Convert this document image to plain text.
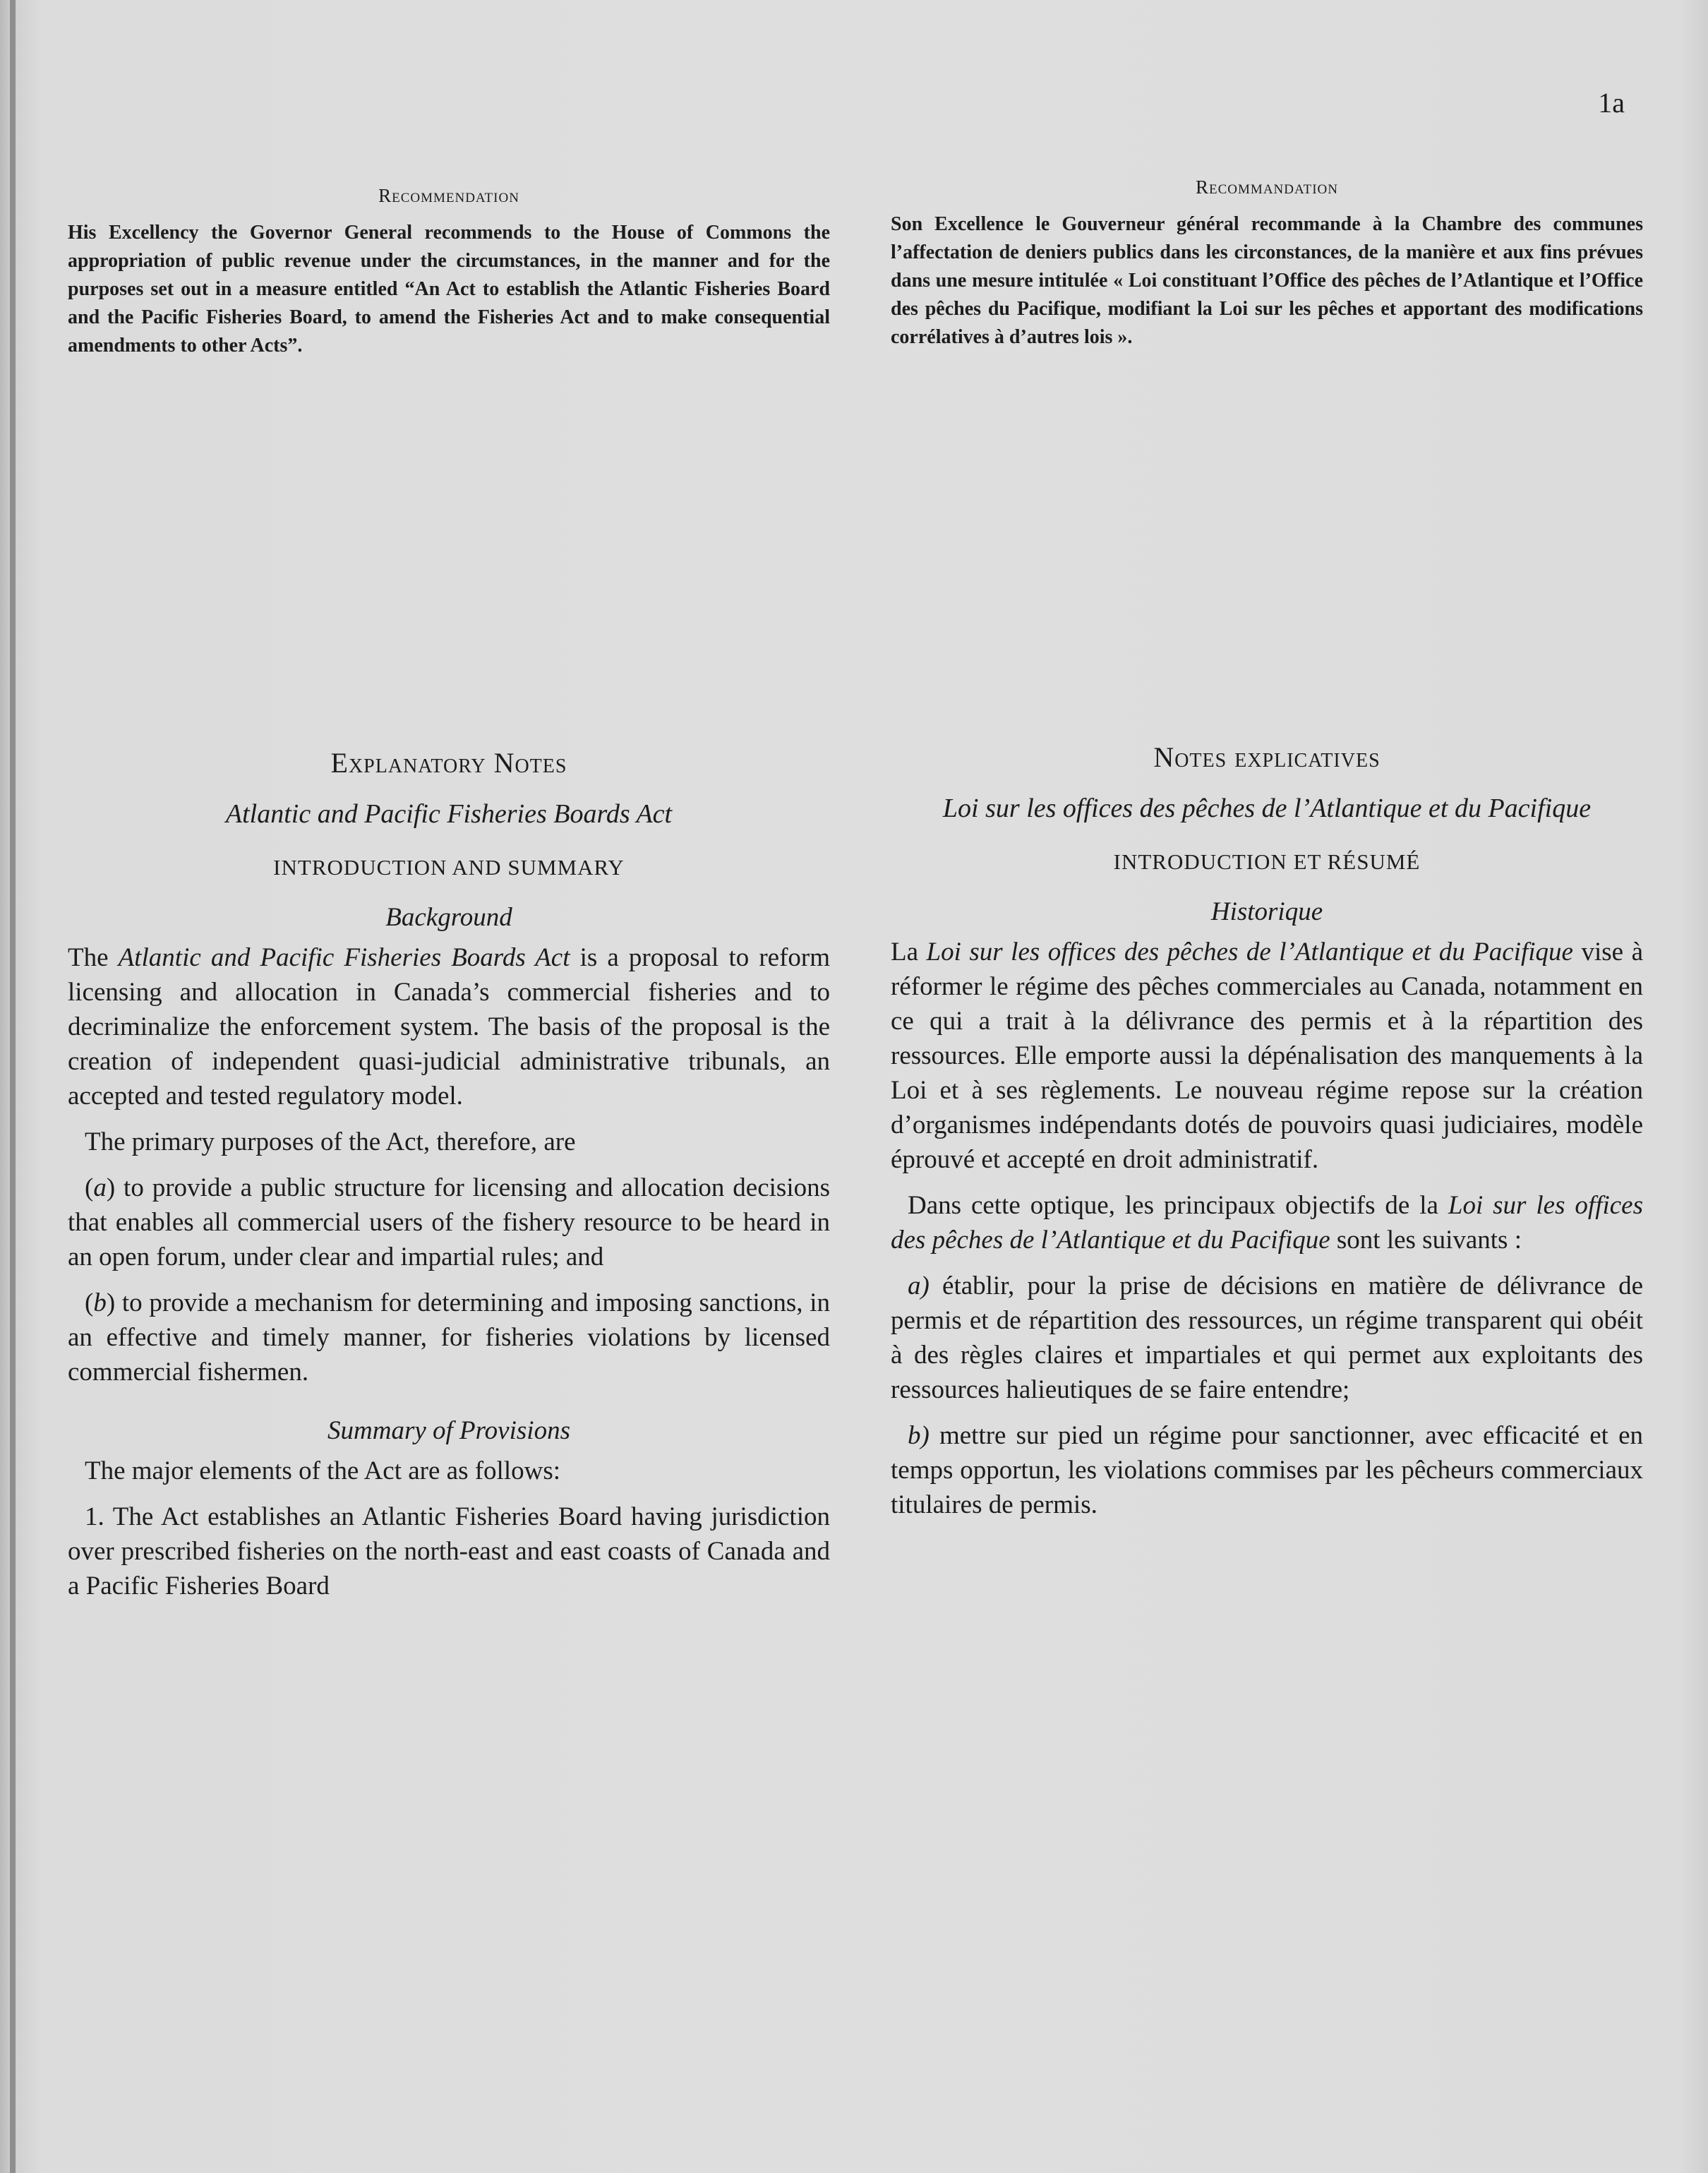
1a
Recommendation
His Excellency the Governor General recommends to the House of Commons the appropriation of public revenue under the circumstances, in the manner and for the purposes set out in a measure entitled “An Act to establish the Atlantic Fisheries Board and the Pacific Fisheries Board, to amend the Fisheries Act and to make consequential amendments to other Acts”.
Explanatory Notes
Atlantic and Pacific Fisheries Boards Act
INTRODUCTION AND SUMMARY
Background

The Atlantic and Pacific Fisheries Boards Act is a proposal to reform licensing and allocation in Canada’s commercial fisheries and to decriminalize the enforcement system. The basis of the proposal is the creation of independent quasi-judicial administrative tribunals, an accepted and tested regulatory model.

The primary purposes of the Act, therefore, are

(a) to provide a public structure for licensing and allocation decisions that enables all commercial users of the fishery resource to be heard in an open forum, under clear and impartial rules; and

(b) to provide a mechanism for determining and imposing sanctions, in an effective and timely manner, for fisheries violations by licensed commercial fishermen.

Summary of Provisions

The major elements of the Act are as follows:

1. The Act establishes an Atlantic Fisheries Board having jurisdiction over prescribed fisheries on the north-east and east coasts of Canada and a Pacific Fisheries Board

Recommandation
Son Excellence le Gouverneur général recommande à la Chambre des communes l’affectation de deniers publics dans les circonstances, de la manière et aux fins prévues dans une mesure intitulée « Loi constituant l’Office des pêches de l’Atlantique et l’Office des pêches du Pacifique, modifiant la Loi sur les pêches et apportant des modifications corrélatives à d’autres lois ».
Notes explicatives
Loi sur les offices des pêches de l’Atlantique et du Pacifique
INTRODUCTION ET RÉSUMÉ
Historique

La Loi sur les offices des pêches de l’Atlantique et du Pacifique vise à réformer le régime des pêches commerciales au Canada, notamment en ce qui a trait à la délivrance des permis et à la répartition des ressources. Elle emporte aussi la dépénalisation des manquements à la Loi et à ses règlements. Le nouveau régime repose sur la création d’organismes indépendants dotés de pouvoirs quasi judiciaires, modèle éprouvé et accepté en droit administratif.

Dans cette optique, les principaux objectifs de la Loi sur les offices des pêches de l’Atlantique et du Pacifique sont les suivants :

a) établir, pour la prise de décisions en matière de délivrance de permis et de répartition des ressources, un régime transparent qui obéit à des règles claires et impartiales et qui permet aux exploitants des ressources halieutiques de se faire entendre;

b) mettre sur pied un régime pour sanctionner, avec efficacité et en temps opportun, les violations commises par les pêcheurs commerciaux titulaires de permis.
